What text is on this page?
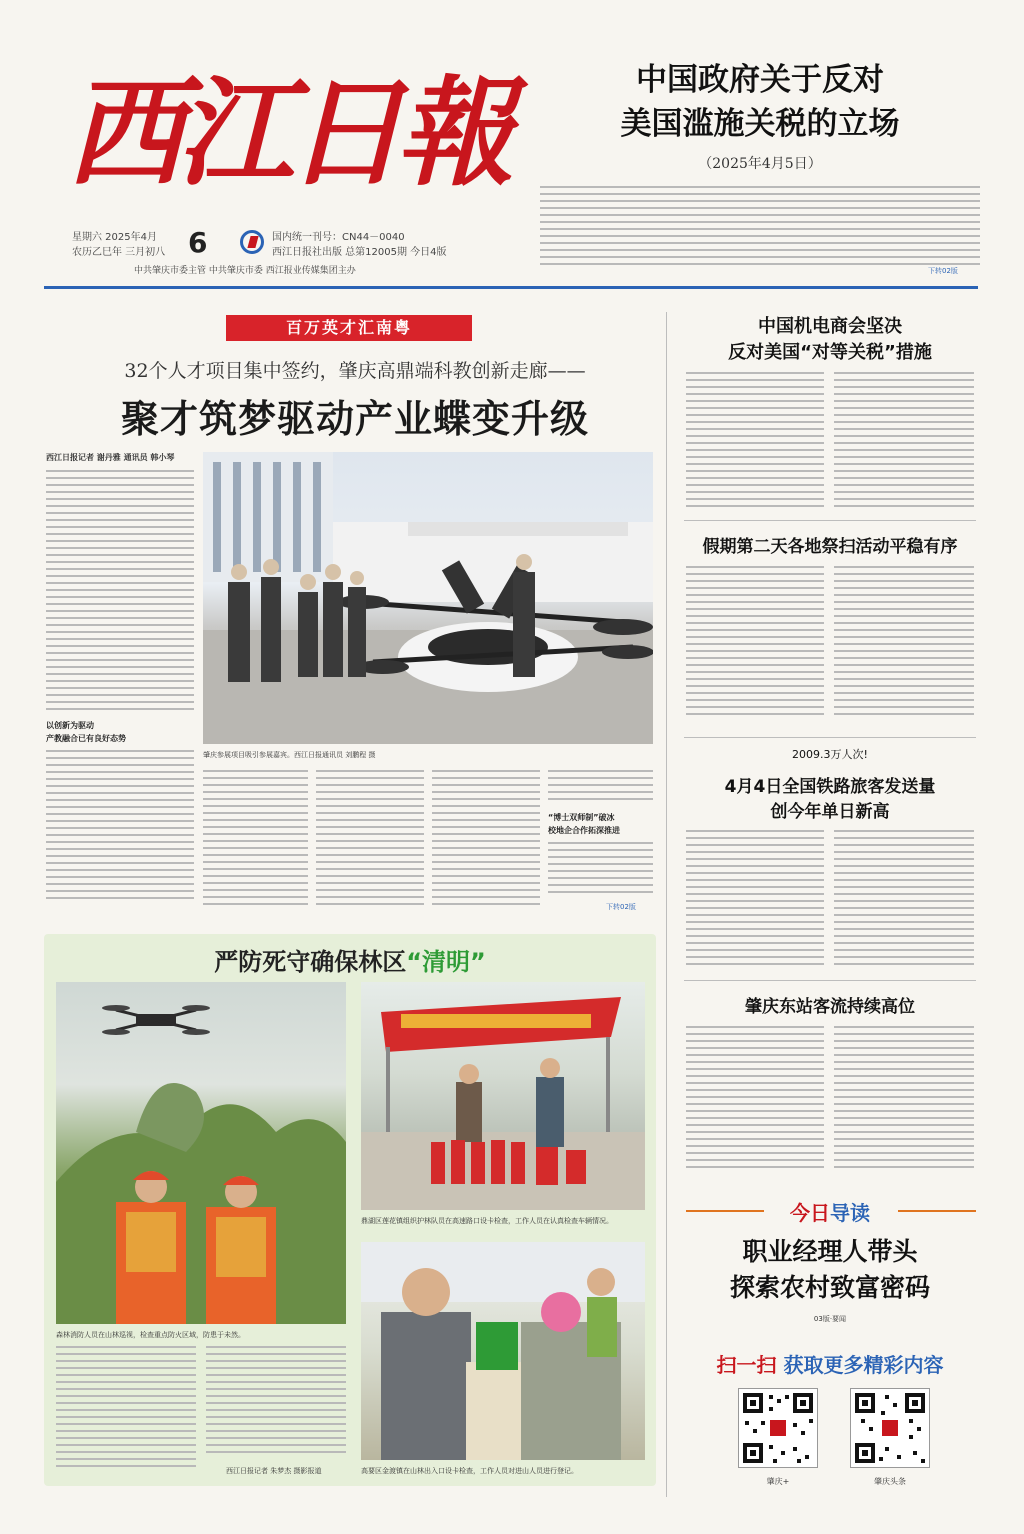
西江日報	中国政府关于反对
美国滥施关税的立场
（2025年4月5日）
下转02版
星期六 2025年4月
农历乙巳年 三月初八 6	国内统一刊号：CN44－0040
西江日报社出版 总第12005期 今日4版
中共肇庆市委主管 中共肇庆市委 西江报业传媒集团主办
百万英才汇南粤
32个人才项目集中签约，肇庆高鼎端科教创新走廊——
聚才筑梦驱动产业蝶变升级
西江日报记者 谢丹雅 通讯员 韩小琴
以创新为驱动
产教融合已有良好态势
肇庆参展项目吸引参展嘉宾。西江日报通讯员 刘鹏程 摄
“博士双师制”破冰
校地企合作拓深推进
下转02版
严防死守确保林区“清明”
森林消防人员在山林巡视，检查重点防火区域，防患于未然。
鼎湖区莲花镇组织护林队员在高速路口设卡检查，工作人员在认真检查车辆情况。
高要区金渡镇在山林出入口设卡检查，工作人员对进山人员进行登记。
西江日报记者 朱梦杰 摄影报道
中国机电商会坚决
反对美国“对等关税”措施
假期第二天各地祭扫活动平稳有序
2009.3万人次!
4月4日全国铁路旅客发送量
创今年单日新高
肇庆东站客流持续高位
今日导读
职业经理人带头
探索农村致富密码
03版·要闻
扫一扫 获取更多精彩内容
肇庆+	肇庆头条
